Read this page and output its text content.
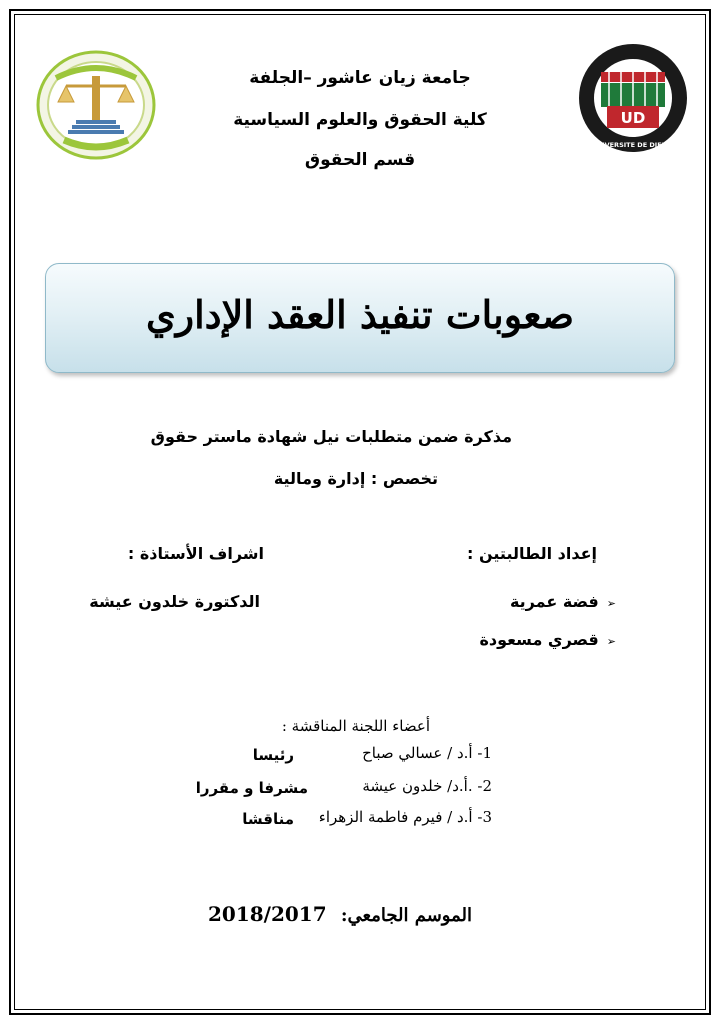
UD
1990
UNIVERSITE DE DJELFA
جامعة زيان عاشور –الجلفة
كلية الحقوق والعلوم السياسية
قسم الحقوق
صعوبات تنفيذ العقد الإداري
مذكرة ضمن متطلبات نيل شهادة ماستر حقوق
تخصص : إدارة ومالية
إعداد الطالبتين :
اشراف الأستاذة :
➢فضة عمرية
➢قصري مسعودة
الدكتورة خلدون عيشة
أعضاء اللجنة المناقشة :
1- أ.د / عسالي صباح
رئيسا
2- .أ.د/ خلدون عيشة
مشرفا و مقررا
3- أ.د / فيرم فاطمة الزهراء
مناقشا
الموسم الجامعي: 2018/2017
